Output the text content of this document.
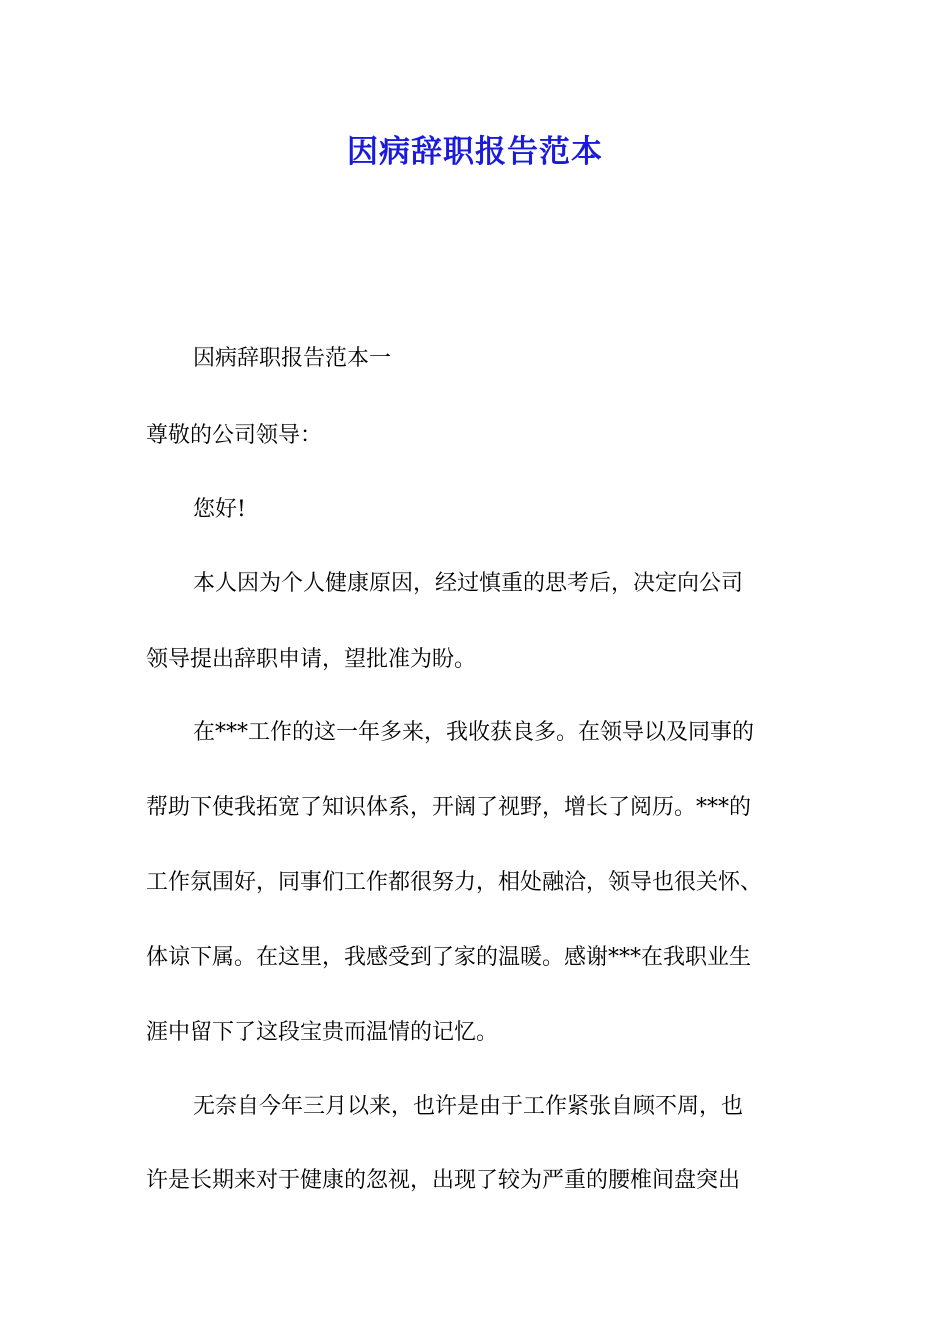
因病辞职报告范本
因病辞职报告范本一
尊敬的公司领导：
您好!
本人因为个人健康原因，经过慎重的思考后，决定向公司
领导提出辞职申请，望批准为盼。
在***工作的这一年多来，我收获良多。在领导以及同事的
帮助下使我拓宽了知识体系，开阔了视野，增长了阅历。***的
工作氛围好，同事们工作都很努力，相处融洽，领导也很关怀、
体谅下属。在这里，我感受到了家的温暖。感谢***在我职业生
涯中留下了这段宝贵而温情的记忆。
无奈自今年三月以来，也许是由于工作紧张自顾不周，也
许是长期来对于健康的忽视，出现了较为严重的腰椎间盘突出
